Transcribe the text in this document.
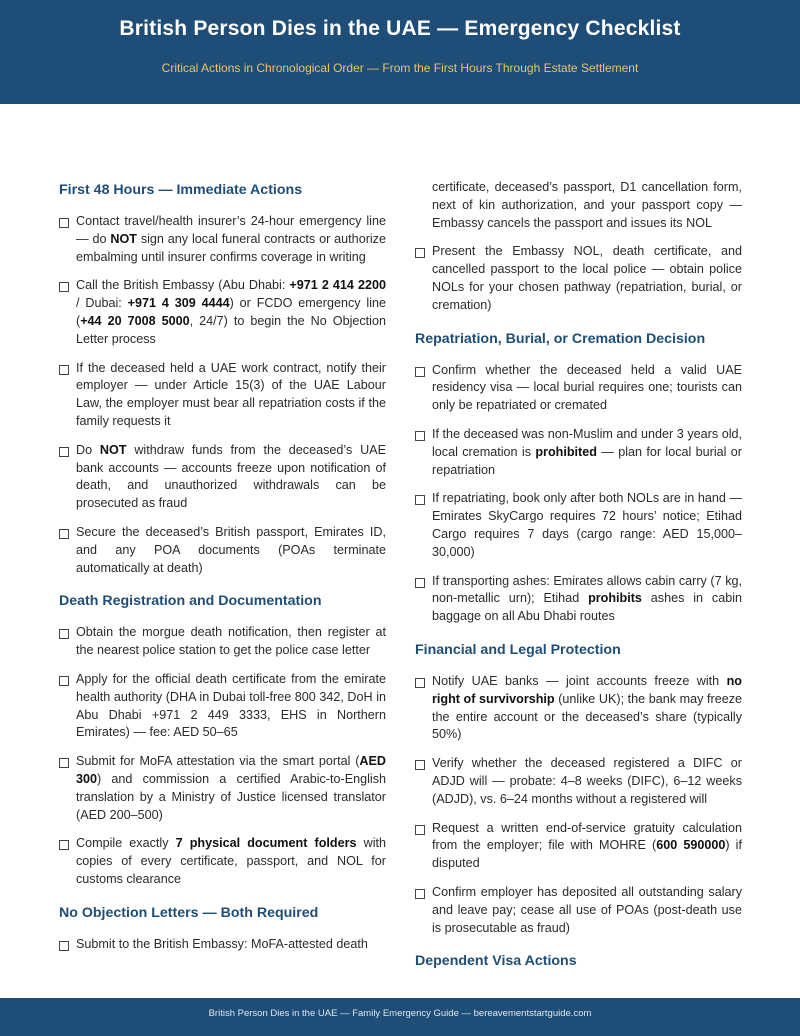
British Person Dies in the UAE — Emergency Checklist
Critical Actions in Chronological Order — From the First Hours Through Estate Settlement
First 48 Hours — Immediate Actions
Contact travel/health insurer’s 24-hour emergency line — do NOT sign any local funeral contracts or authorize embalming until insurer confirms coverage in writing
Call the British Embassy (Abu Dhabi: +971 2 414 2200 / Dubai: +971 4 309 4444) or FCDO emergency line (+44 20 7008 5000, 24/7) to begin the No Objection Letter process
If the deceased held a UAE work contract, notify their employer — under Article 15(3) of the UAE Labour Law, the employer must bear all repatriation costs if the family requests it
Do NOT withdraw funds from the deceased’s UAE bank accounts — accounts freeze upon notification of death, and unauthorized withdrawals can be prosecuted as fraud
Secure the deceased’s British passport, Emirates ID, and any POA documents (POAs terminate automatically at death)
Death Registration and Documentation
Obtain the morgue death notification, then register at the nearest police station to get the police case letter
Apply for the official death certificate from the emirate health authority (DHA in Dubai toll-free 800 342, DoH in Abu Dhabi +971 2 449 3333, EHS in Northern Emirates) — fee: AED 50–65
Submit for MoFA attestation via the smart portal (AED 300) and commission a certified Arabic-to-English translation by a Ministry of Justice licensed translator (AED 200–500)
Compile exactly 7 physical document folders with copies of every certificate, passport, and NOL for customs clearance
No Objection Letters — Both Required
Submit to the British Embassy: MoFA-attested death
certificate, deceased’s passport, D1 cancellation form, next of kin authorization, and your passport copy — Embassy cancels the passport and issues its NOL
Present the Embassy NOL, death certificate, and cancelled passport to the local police — obtain police NOLs for your chosen pathway (repatriation, burial, or cremation)
Repatriation, Burial, or Cremation Decision
Confirm whether the deceased held a valid UAE residency visa — local burial requires one; tourists can only be repatriated or cremated
If the deceased was non-Muslim and under 3 years old, local cremation is prohibited — plan for local burial or repatriation
If repatriating, book only after both NOLs are in hand — Emirates SkyCargo requires 72 hours’ notice; Etihad Cargo requires 7 days (cargo range: AED 15,000–30,000)
If transporting ashes: Emirates allows cabin carry (7 kg, non-metallic urn); Etihad prohibits ashes in cabin baggage on all Abu Dhabi routes
Financial and Legal Protection
Notify UAE banks — joint accounts freeze with no right of survivorship (unlike UK); the bank may freeze the entire account or the deceased’s share (typically 50%)
Verify whether the deceased registered a DIFC or ADJD will — probate: 4–8 weeks (DIFC), 6–12 weeks (ADJD), vs. 6–24 months without a registered will
Request a written end-of-service gratuity calculation from the employer; file with MOHRE (600 590000) if disputed
Confirm employer has deposited all outstanding salary and leave pay; cease all use of POAs (post-death use is prosecutable as fraud)
Dependent Visa Actions
British Person Dies in the UAE — Family Emergency Guide — bereavementstartguide.com
